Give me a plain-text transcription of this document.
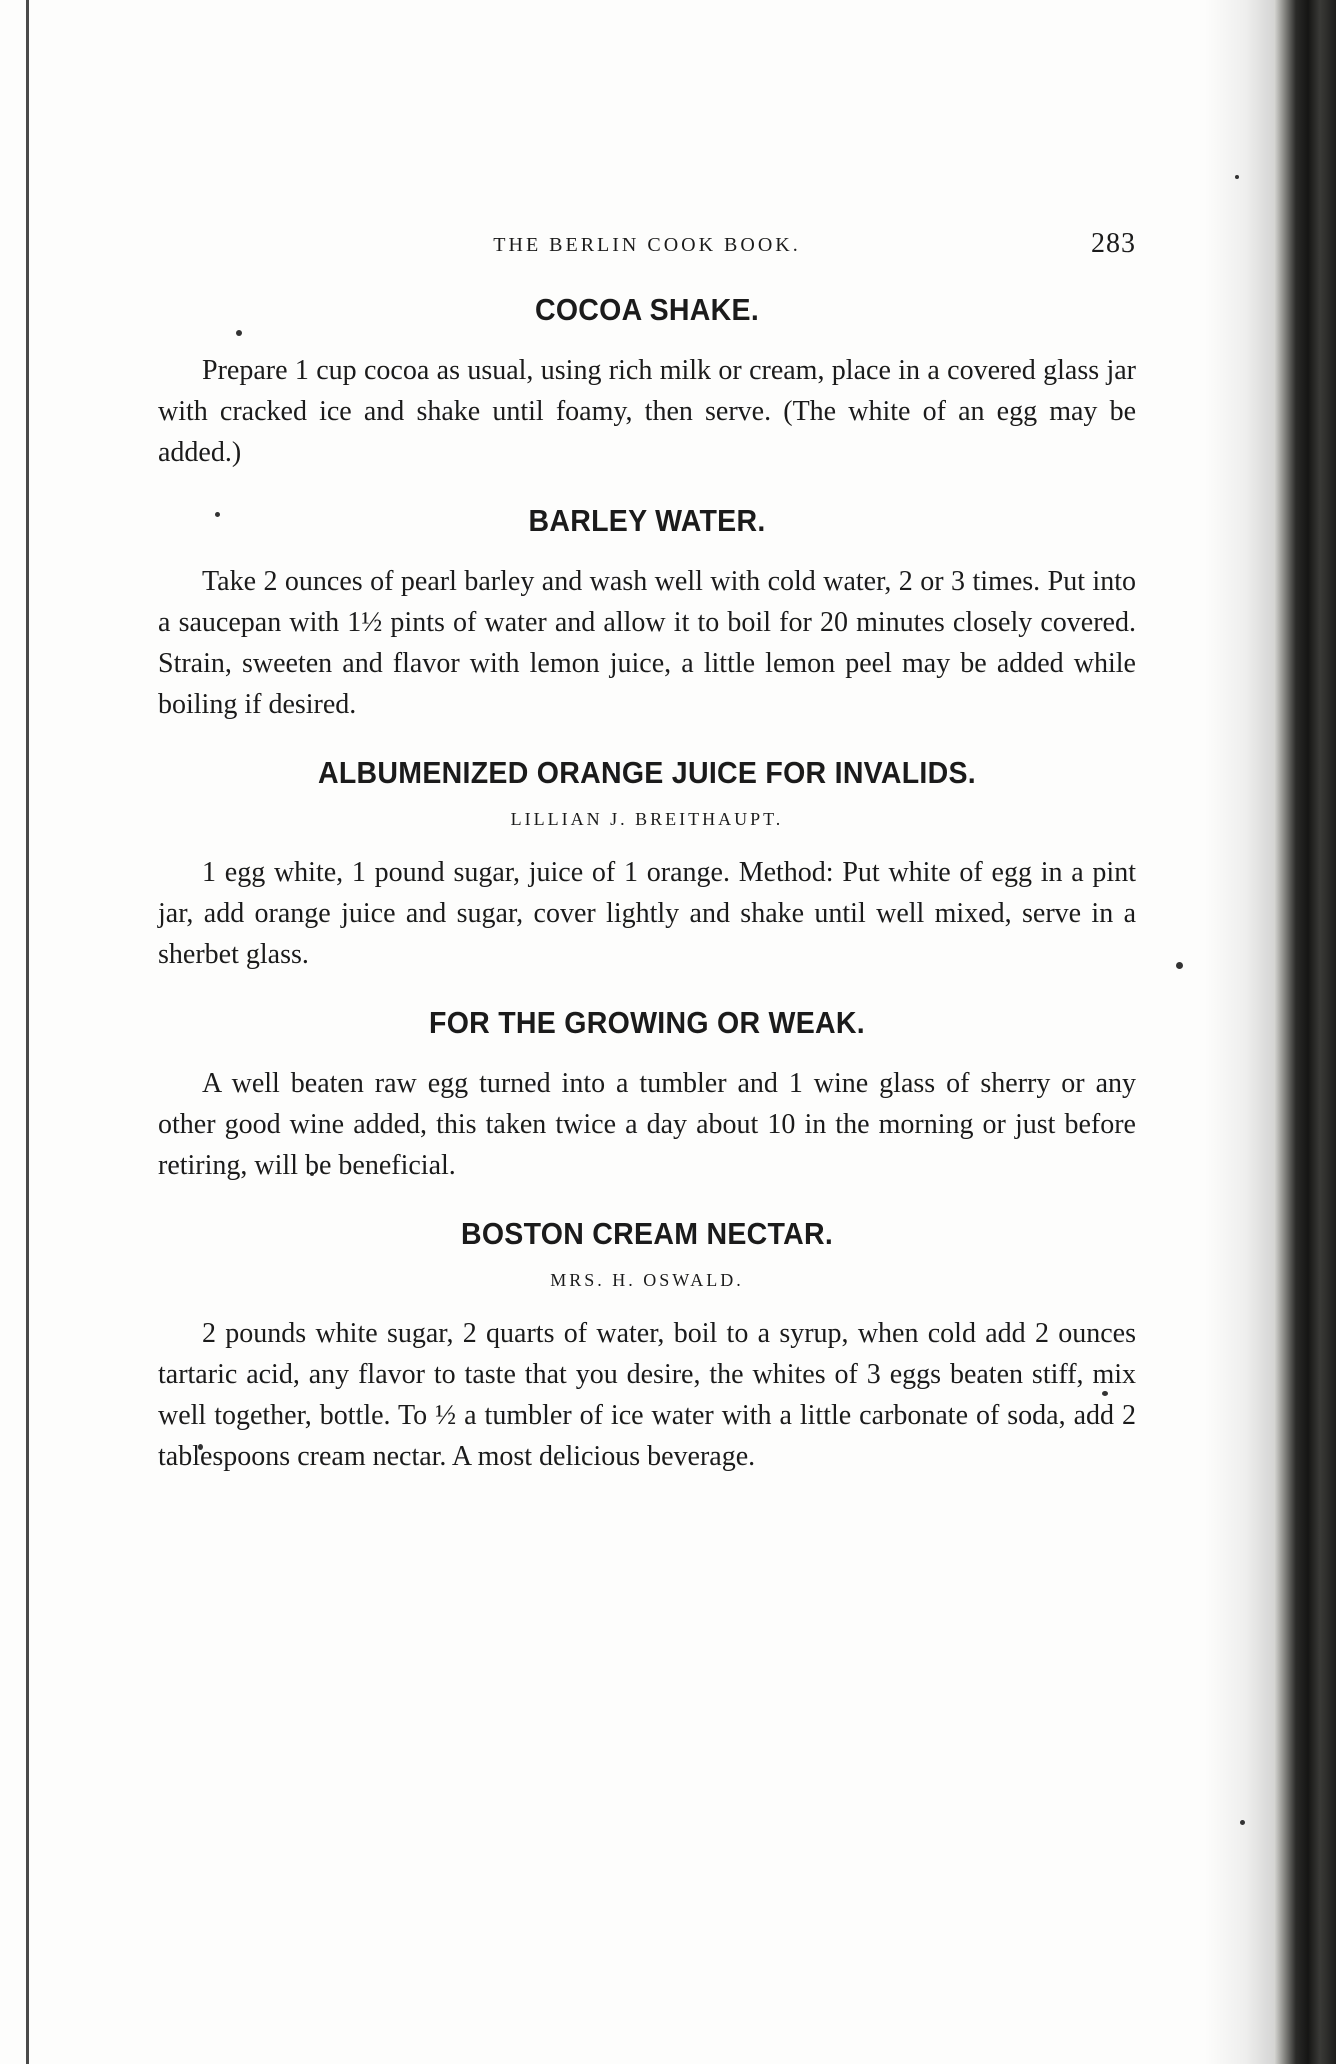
THE BERLIN COOK BOOK.	283
COCOA SHAKE.

Prepare 1 cup cocoa as usual, using rich milk or cream, place in a covered glass jar with cracked ice and shake until foamy, then serve. (The white of an egg may be added.)

BARLEY WATER.

Take 2 ounces of pearl barley and wash well with cold water, 2 or 3 times. Put into a saucepan with 1½ pints of water and allow it to boil for 20 minutes closely covered. Strain, sweeten and flavor with lemon juice, a little lemon peel may be added while boiling if desired.

ALBUMENIZED ORANGE JUICE FOR INVALIDS.
LILLIAN J. BREITHAUPT.

1 egg white, 1 pound sugar, juice of 1 orange. Method: Put white of egg in a pint jar, add orange juice and sugar, cover lightly and shake until well mixed, serve in a sherbet glass.

FOR THE GROWING OR WEAK.

A well beaten raw egg turned into a tumbler and 1 wine glass of sherry or any other good wine added, this taken twice a day about 10 in the morning or just before retiring, will be beneficial.

BOSTON CREAM NECTAR.
MRS. H. OSWALD.

2 pounds white sugar, 2 quarts of water, boil to a syrup, when cold add 2 ounces tartaric acid, any flavor to taste that you desire, the whites of 3 eggs beaten stiff, mix well together, bottle. To ½ a tumbler of ice water with a little carbonate of soda, add 2 tablespoons cream nectar. A most delicious beverage.
